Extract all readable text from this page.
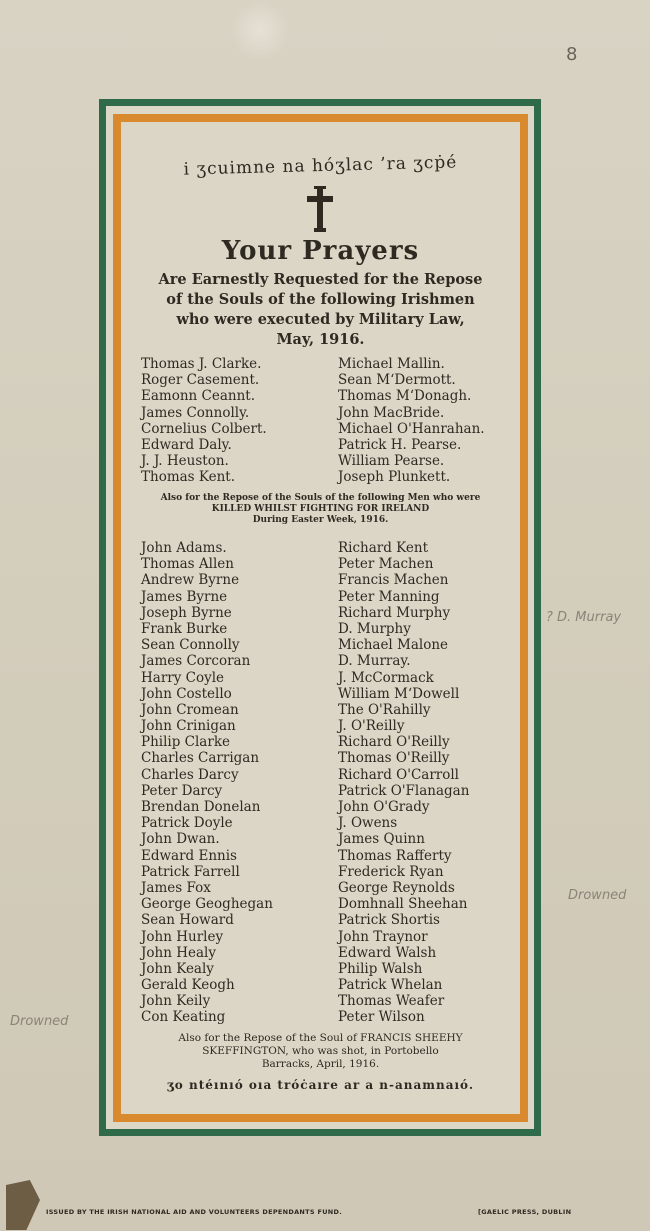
8
? D. Murray
Drowned
Drowned
i ʒcuimne na hóʒlac ’ra ʒcṗé
Your Prayers
Are Earnestly Requested for the Repose
of the Souls of the following Irishmen
who were executed by Military Law,
May, 1916.
Thomas J. Clarke.
Roger Casement.
Eamonn Ceannt.
James Connolly.
Cornelius Colbert.
Edward Daly.
J. J. Heuston.
Thomas Kent.
Michael Mallin.
Sean M‘Dermott.
Thomas M‘Donagh.
John MacBride.
Michael O'Hanrahan.
Patrick H. Pearse.
William Pearse.
Joseph Plunkett.
Also for the Repose of the Souls of the following Men who were
KILLED WHILST FIGHTING FOR IRELAND
During Easter Week, 1916.
John Adams.
Thomas Allen
Andrew Byrne
James Byrne
Joseph Byrne
Frank Burke
Sean Connolly
James Corcoran
Harry Coyle
John Costello
John Cromean
John Crinigan
Philip Clarke
Charles Carrigan
Charles Darcy
Peter Darcy
Brendan Donelan
Patrick Doyle
John Dwan.
Edward Ennis
Patrick Farrell
James Fox
George Geoghegan
Sean Howard
John Hurley
John Healy
John Kealy
Gerald Keogh
John Keily
Con Keating
Richard Kent
Peter Machen
Francis Machen
Peter Manning
Richard Murphy
D. Murphy
Michael Malone
D. Murray.
J. McCormack
William M‘Dowell
The O'Rahilly
J. O'Reilly
Richard O'Reilly
Thomas O'Reilly
Richard O'Carroll
Patrick O'Flanagan
John O'Grady
J. Owens
James Quinn
Thomas Rafferty
Frederick Ryan
George Reynolds
Domhnall Sheehan
Patrick Shortis
John Traynor
Edward Walsh
Philip Walsh
Patrick Whelan
Thomas Weafer
Peter Wilson
Also for the Repose of the Soul of FRANCIS SHEEHY
SKEFFINGTON, who was shot, in Portobello
Barracks, April, 1916.
ʒo ntéınıó oıa tróċaıre ar a n-anamnaıó.
ISSUED BY THE IRISH NATIONAL AID AND VOLUNTEERS DEPENDANTS FUND.	[GAELIC PRESS, DUBLIN
